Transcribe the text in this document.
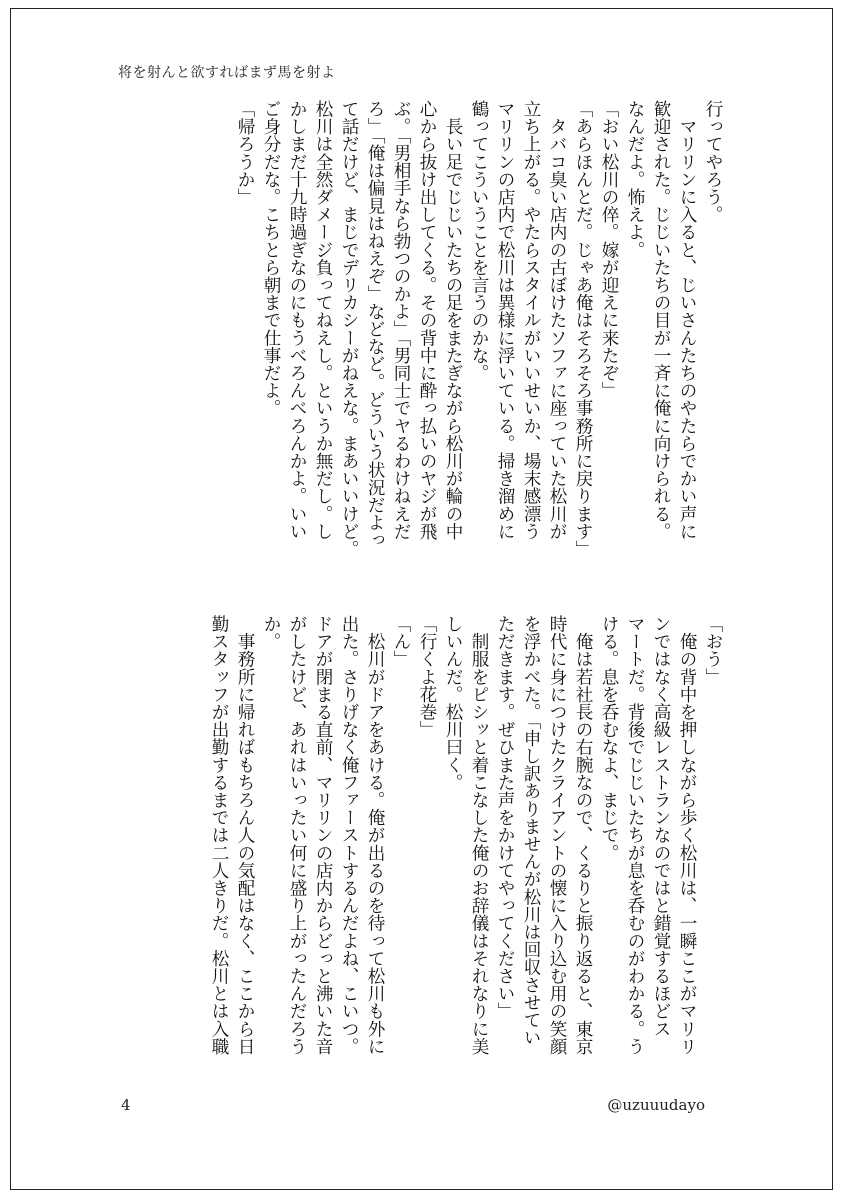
将を射んと欲すればまず馬を射よ

行ってやろう。

　マリリンに入ると、じいさんたちのやたらでかい声に

歓迎された。じじいたちの目が一斉に俺に向けられる。

なんだよ。怖えよ。

「おい松川の倅。嫁が迎えに来たぞ」

「あらほんとだ。じゃあ俺はそろそろ事務所に戻ります」

　タバコ臭い店内の古ぼけたソファに座っていた松川が

立ち上がる。やたらスタイルがいいせいか、場末感漂う

マリリンの店内で松川は異様に浮いている。掃き溜めに

鶴ってこういうことを言うのかな。

　長い足でじじいたちの足をまたぎながら松川が輪の中

心から抜け出してくる。その背中に酔っ払いのヤジが飛

ぶ。「男相手なら勃つのかよ」「男同士でヤるわけねえだ

ろ」「俺は偏見はねえぞ」などなど。どういう状況だよっ

て話だけど、まじでデリカシーがねえな。まあいいけど。

松川は全然ダメージ負ってねえし。というか無だし。し

かしまだ十九時過ぎなのにもうべろんべろんかよ。いい

ご身分だな。こちとら朝まで仕事だよ。

「帰ろうか」

「おう」

　俺の背中を押しながら歩く松川は、一瞬ここがマリリ

ンではなく高級レストランなのではと錯覚するほどス

マートだ。背後でじじいたちが息を呑むのがわかる。う

ける。息を呑むなよ、まじで。

　俺は若社長の右腕なので、くるりと振り返ると、東京

時代に身につけたクライアントの懐に入り込む用の笑顔

を浮かべた。「申し訳ありませんが松川は回収させてい

ただきます。ぜひまた声をかけてやってください」

　制服をピシッと着こなした俺のお辞儀はそれなりに美

しいんだ。松川曰く。

「行くよ花巻」

「ん」

　松川がドアをあける。俺が出るのを待って松川も外に

出た。さりげなく俺ファーストするんだよね、こいつ。

ドアが閉まる直前、マリリンの店内からどっと沸いた音

がしたけど、あれはいったい何に盛り上がったんだろう

か。

　事務所に帰ればもちろん人の気配はなく、ここから日

勤スタッフが出勤するまでは二人きりだ。松川とは入職

4	@uzuuudayo
